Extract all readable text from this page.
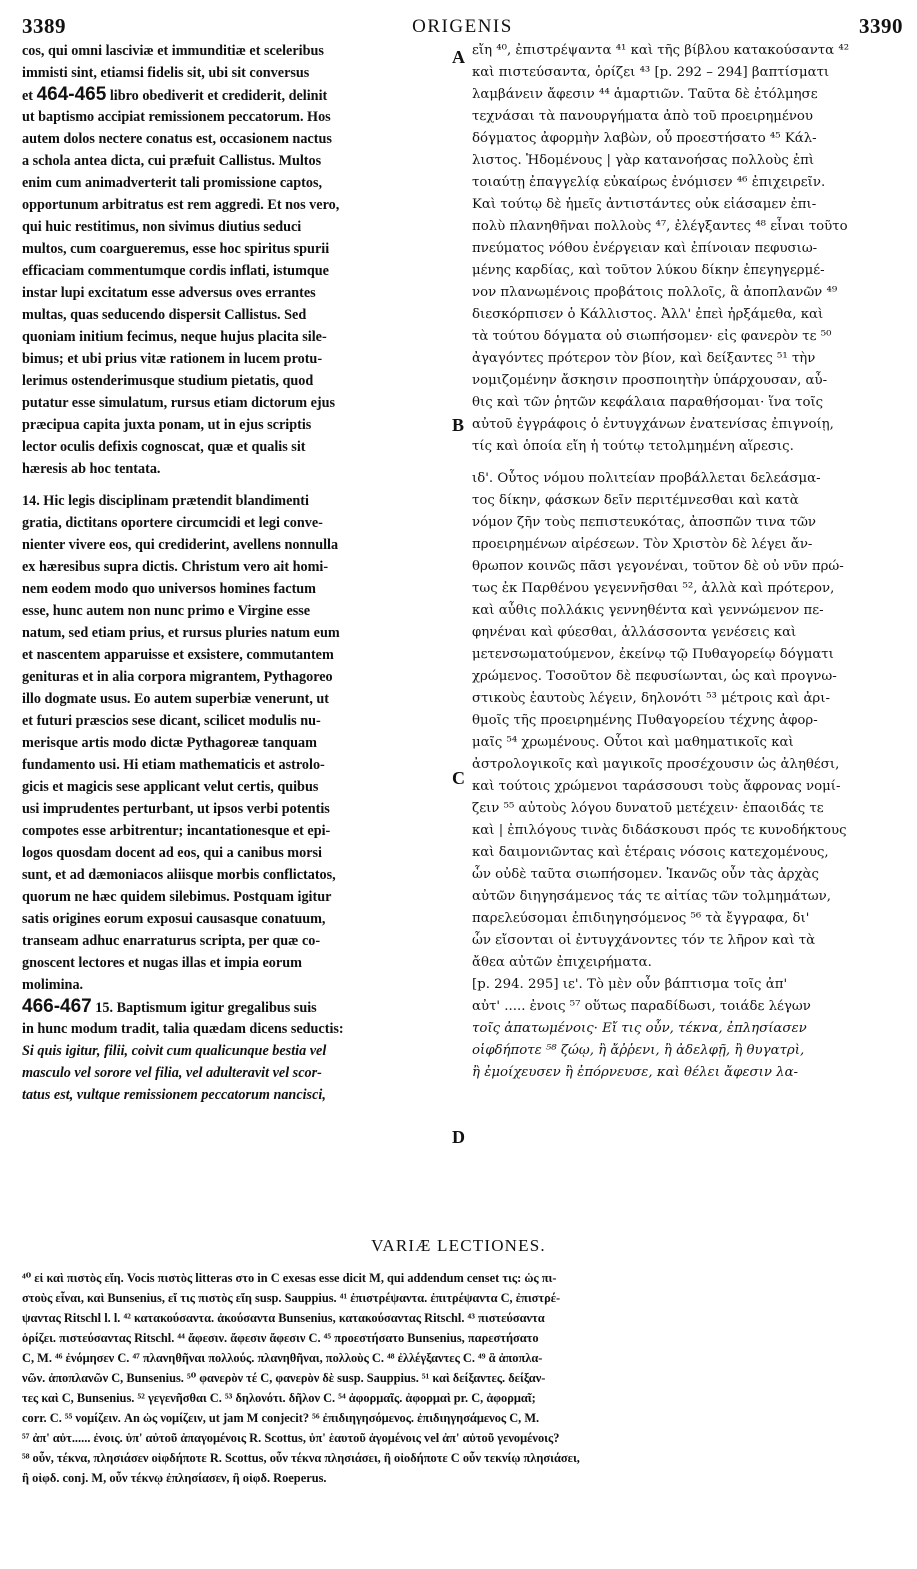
3389	ORIGENIS	3390
A
B
C
D
cos, qui omni lasciviæ et immunditiæ et sceleribus
immisti sint, etiamsi fidelis sit, ubi sit conversus
et 464-465 libro obediverit et crediderit, delinit
ut baptismo accipiat remissionem peccatorum. Hos
autem dolos nectere conatus est, occasionem nactus
a schola antea dicta, cui præfuit Callistus. Multos
enim cum animadverterit tali promissione captos,
opportunum arbitratus est rem aggredi. Et nos vero,
qui huic restitimus, non sivimus diutius seduci
multos, cum coargueremus, esse hoc spiritus spurii
efficaciam commentumque cordis inflati, istumque
instar lupi excitatum esse adversus oves errantes
multas, quas seducendo dispersit Callistus. Sed
quoniam initium fecimus, neque hujus placita sile-
bimus; et ubi prius vitæ rationem in lucem protu-
lerimus ostenderimusque studium pietatis, quod
putatur esse simulatum, rursus etiam dictorum ejus
præcipua capita juxta ponam, ut in ejus scriptis
lector oculis defixis cognoscat, quæ et qualis sit
hæresis ab hoc tentata.
14. Hic legis disciplinam prætendit blandimenti
gratia, dictitans oportere circumcidi et legi conve-
nienter vivere eos, qui crediderint, avellens nonnulla
ex hæresibus supra dictis. Christum vero ait homi-
nem eodem modo quo universos homines factum
esse, hunc autem non nunc primo e Virgine esse
natum, sed etiam prius, et rursus pluries natum eum
et nascentem apparuisse et exsistere, commutantem
genituras et in alia corpora migrantem, Pythagoreo
illo dogmate usus. Eo autem superbiæ venerunt, ut
et futuri præscios sese dicant, scilicet modulis nu-
merisque artis modo dictæ Pythagoreæ tanquam
fundamento usi. Hi etiam mathematicis et astrolo-
gicis et magicis sese applicant velut certis, quibus
usi imprudentes perturbant, ut ipsos verbi potentis
compotes esse arbitrentur; incantationesque et epi-
logos quosdam docent ad eos, qui a canibus morsi
sunt, et ad dæmoniacos aliisque morbis conflictatos,
quorum ne hæc quidem silebimus. Postquam igitur
satis origines eorum exposui causasque conatuum,
transeam adhuc enarraturus scripta, per quæ co-
gnoscent lectores et nugas illas et impia eorum
molimina.
466-467 15. Baptismum igitur gregalibus suis
in hunc modum tradit, talia quædam dicens seductis:
Si quis igitur, filii, coivit cum qualicunque bestia vel
masculo vel sorore vel filia, vel adulteravit vel scor-
tatus est, vultque remissionem peccatorum nancisci,
εἴη ⁴⁰, ἐπιστρέψαντα ⁴¹ καὶ τῆς βίβλου κατακούσαντα ⁴²
καὶ πιστεύσαντα, ὁρίζει ⁴³ [p. 292 – 294] βαπτίσματι
λαμβάνειν ἄφεσιν ⁴⁴ ἁμαρτιῶν. Ταῦτα δὲ ἐτόλμησε
τεχνάσαι τὰ πανουργήματα ἀπὸ τοῦ προειρημένου
δόγματος ἀφορμὴν λαβὼν, οὗ προεστήσατο ⁴⁵ Κάλ-
λιστος. Ἡδομένους | γὰρ κατανοήσας πολλοὺς ἐπὶ
τοιαύτῃ ἐπαγγελίᾳ εὐκαίρως ἐνόμισεν ⁴⁶ ἐπιχειρεῖν.
Καὶ τούτῳ δὲ ἡμεῖς ἀντιστάντες οὐκ εἰάσαμεν ἐπι-
πολὺ πλανηθῆναι πολλοὺς ⁴⁷, ἐλέγξαντες ⁴⁸ εἶναι τοῦτο
πνεύματος νόθου ἐνέργειαν καὶ ἐπίνοιαν πεφυσιω-
μένης καρδίας, καὶ τοῦτον λύκου δίκην ἐπεγηγερμέ-
νον πλανωμένοις προβάτοις πολλοῖς, ἃ ἀποπλανῶν ⁴⁹
διεσκόρπισεν ὁ Κάλλιστος. Ἀλλ' ἐπεὶ ἠρξάμεθα, καὶ
τὰ τούτου δόγματα οὐ σιωπήσομεν· εἰς φανερὸν τε ⁵⁰
ἀγαγόντες πρότερον τὸν βίον, καὶ δείξαντες ⁵¹ τὴν
νομιζομένην ἄσκησιν προσποιητὴν ὑπάρχουσαν, αὖ-
θις καὶ τῶν ῥητῶν κεφάλαια παραθήσομαι· ἵνα τοῖς
αὐτοῦ ἐγγράφοις ὁ ἐντυγχάνων ἐνατενίσας ἐπιγνοίῃ,
τίς καὶ ὁποία εἴη ἡ τούτῳ τετολμημένη αἵρεσις.
ιδ'. Οὗτος νόμου πολιτείαν προβάλλεται δελεάσμα-
τος δίκην, φάσκων δεῖν περιτέμνεσθαι καὶ κατὰ
νόμον ζῆν τοὺς πεπιστευκότας, ἀποσπῶν τινα τῶν
προειρημένων αἱρέσεων. Τὸν Χριστὸν δὲ λέγει ἄν-
θρωπον κοινῶς πᾶσι γεγονέναι, τοῦτον δὲ οὐ νῦν πρώ-
τως ἐκ Παρθένου γεγεννῆσθαι ⁵², ἀλλὰ καὶ πρότερον,
καὶ αὖθις πολλάκις γεννηθέντα καὶ γεννώμενον πε-
φηνέναι καὶ φύεσθαι, ἀλλάσσοντα γενέσεις καὶ
μετενσωματούμενον, ἐκείνῳ τῷ Πυθαγορείῳ δόγματι
χρώμενος. Τοσοῦτον δὲ πεφυσίωνται, ὡς καὶ προγνω-
στικοὺς ἑαυτοὺς λέγειν, δηλονότι ⁵³ μέτροις καὶ ἀρι-
θμοῖς τῆς προειρημένης Πυθαγορείου τέχνης ἀφορ-
μαῖς ⁵⁴ χρωμένους. Οὗτοι καὶ μαθηματικοῖς καὶ
ἀστρολογικοῖς καὶ μαγικοῖς προσέχουσιν ὡς ἀληθέσι,
καὶ τούτοις χρώμενοι ταράσσουσι τοὺς ἄφρονας νομί-
ζειν ⁵⁵ αὐτοὺς λόγου δυνατοῦ μετέχειν· ἐπαοιδάς τε
καὶ | ἐπιλόγους τινὰς διδάσκουσι πρός τε κυνοδήκτους
καὶ δαιμονιῶντας καὶ ἑτέραις νόσοις κατεχομένους,
ὧν οὐδὲ ταῦτα σιωπήσομεν. Ἱκανῶς οὖν τὰς ἀρχὰς
αὐτῶν διηγησάμενος τάς τε αἰτίας τῶν τολμημάτων,
παρελεύσομαι ἐπιδιηγησόμενος ⁵⁶ τὰ ἔγγραφα, δι'
ὧν εἴσονται οἱ ἐντυγχάνοντες τόν τε λῆρον καὶ τὰ
ἄθεα αὐτῶν ἐπιχειρήματα.
[p. 294. 295] ιε'. Τὸ μὲν οὖν βάπτισμα τοῖς ἀπ'
αὐτ' ..... ἐνοις ⁵⁷ οὕτως παραδίδωσι, τοιάδε λέγων
τοῖς ἀπατωμένοις· Εἴ τις οὖν, τέκνα, ἐπλησίασεν
οἱφδήποτε ⁵⁸ ζώῳ, ἢ ἄῤῥενι, ἢ ἀδελφῇ, ἢ θυγατρὶ,
ἢ ἐμοίχευσεν ἢ ἐπόρνευσε, καὶ θέλει ἄφεσιν λα-
VARIÆ LECTIONES.
⁴⁰ εἰ καὶ πιστὸς εἴη. Vocis πιστὸς litteras στο in C exesas esse dicit M, qui addendum censet τις: ὡς πι-
στοὺς εἶναι, καὶ Bunsenius, εἴ τις πιστὸς εἴη susp. Sauppius. ⁴¹ ἐπιστρέψαντα. ἐπιτρέψαντα C, ἐπιστρέ-
ψαντας Ritschl l. l. ⁴² κατακούσαντα. ἀκούσαντα Bunsenius, κατακούσαντας Ritschl. ⁴³ πιστεύσαντα
ὁρίζει. πιστεύσαντας Ritschl. ⁴⁴ ἄφεσιν. ἄφεσιν ἄφεσιν C. ⁴⁵ προεστήσατο Bunsenius, παρεστήσατο
C, M. ⁴⁶ ἐνόμησεν C. ⁴⁷ πλανηθῆναι πολλούς. πλανηθῆναι, πολλοὺς C. ⁴⁸ ἐλλέγξαντες C. ⁴⁹ ἃ ἀποπλα-
νῶν. ἀποπλανῶν C, Bunsenius. ⁵⁰ φανερὸν τέ C, φανερὸν δὲ susp. Sauppius. ⁵¹ καὶ δείξαντες. δείξαν-
τες καὶ C, Bunsenius. ⁵² γεγενῆσθαι C. ⁵³ δηλονότι. δῆλον C. ⁵⁴ ἀφορμαῖς. ἀφορμαὶ pr. C, ἀφορμαῖ;
corr. C. ⁵⁵ νομίζειν. An ὡς νομίζειν, ut jam M conjecit? ⁵⁶ ἐπιδιηγησόμενος. ἐπιδιηγησάμενος C, M.
⁵⁷ ἀπ' αὐτ...... ἐνοις. ὑπ' αὐτοῦ ἀπαγομένοις R. Scottus, ὑπ' ἑαυτοῦ ἀγομένοις vel ἀπ' αὐτοῦ γενομένοις?
⁵⁸ οὖν, τέκνα, πλησιάσεν οἱφδήποτε R. Scottus, οὖν τέκνα πλησιάσει, ἢ οἰοδήποτε C οὖν τεκνίῳ πλησιάσει,
ἢ οἱφδ. conj. M, οὖν τέκνῳ ἐπλησίασεν, ἢ οἱφδ. Roeperus.
